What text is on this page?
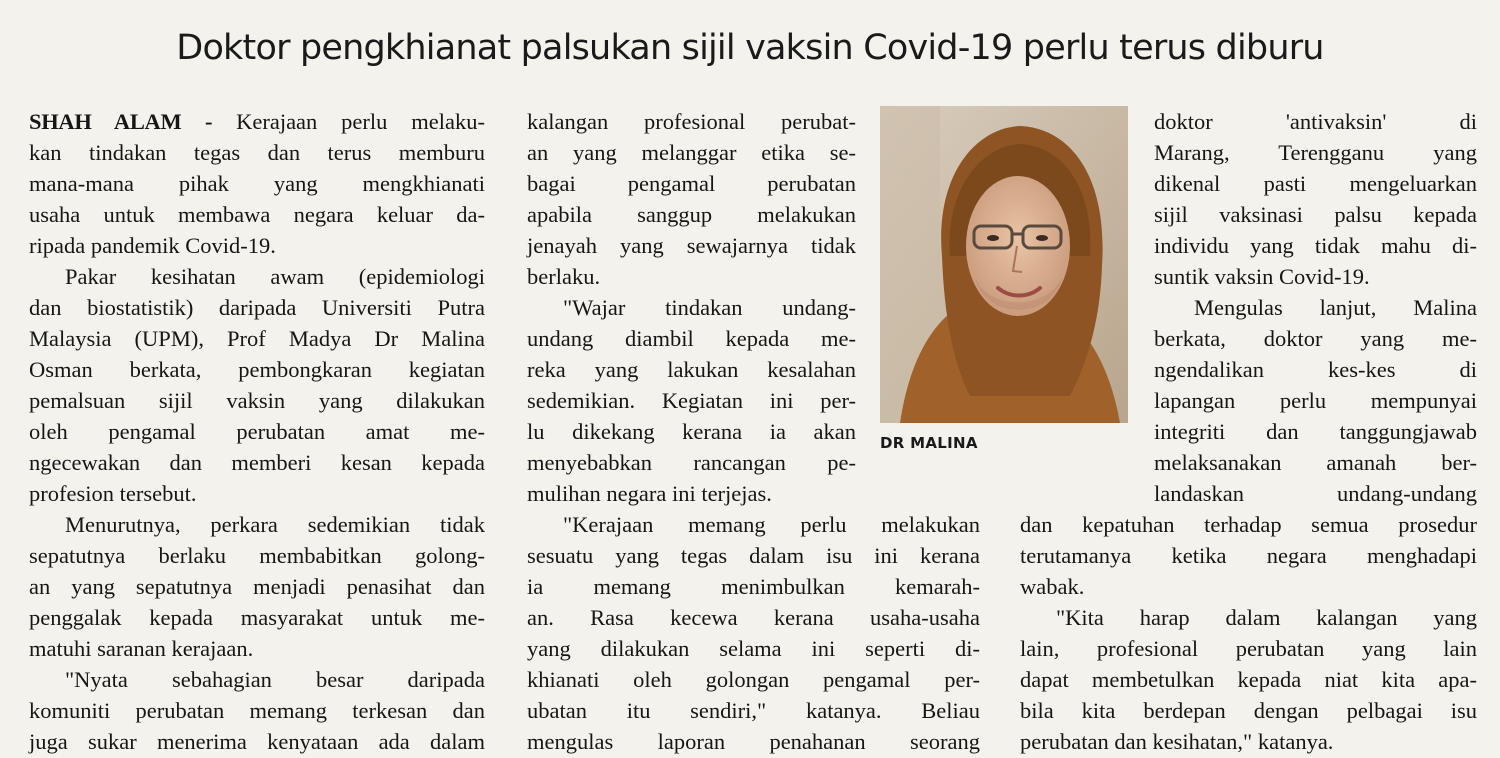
Doktor pengkhianat palsukan sijil vaksin Covid-19 perlu terus diburu
SHAH ALAM - Kerajaan perlu melaku-
kan tindakan tegas dan terus memburu
mana-mana pihak yang mengkhianati
usaha untuk membawa negara keluar da-
ripada pandemik Covid-19.
Pakar kesihatan awam (epidemiologi
dan biostatistik) daripada Universiti Putra
Malaysia (UPM), Prof Madya Dr Malina
Osman berkata, pembongkaran kegiatan
pemalsuan sijil vaksin yang dilakukan
oleh pengamal perubatan amat me-
ngecewakan dan memberi kesan kepada
profesion tersebut.
Menurutnya, perkara sedemikian tidak
sepatutnya berlaku membabitkan golong-
an yang sepatutnya menjadi penasihat dan
penggalak kepada masyarakat untuk me-
matuhi saranan kerajaan.
"Nyata sebahagian besar daripada
komuniti perubatan memang terkesan dan
juga sukar menerima kenyataan ada dalam
kalangan profesional perubat-
an yang melanggar etika se-
bagai pengamal perubatan
apabila sanggup melakukan
jenayah yang sewajarnya tidak
berlaku.
"Wajar tindakan undang-
undang diambil kepada me-
reka yang lakukan kesalahan
sedemikian. Kegiatan ini per-
lu dikekang kerana ia akan
menyebabkan rancangan pe-
mulihan negara ini terjejas.
"Kerajaan memang perlu melakukan
sesuatu yang tegas dalam isu ini kerana
ia memang menimbulkan kemarah-
an. Rasa kecewa kerana usaha-usaha
yang dilakukan selama ini seperti di-
khianati oleh golongan pengamal per-
ubatan itu sendiri," katanya. Beliau
mengulas laporan penahanan seorang
DR MALINA
doktor 'antivaksin' di
Marang, Terengganu yang
dikenal pasti mengeluarkan
sijil vaksinasi palsu kepada
individu yang tidak mahu di-
suntik vaksin Covid-19.
Mengulas lanjut, Malina
berkata, doktor yang me-
ngendalikan kes-kes di
lapangan perlu mempunyai
integriti dan tanggungjawab
melaksanakan amanah ber-
landaskan undang-undang
dan kepatuhan terhadap semua prosedur
terutamanya ketika negara menghadapi
wabak.
"Kita harap dalam kalangan yang
lain, profesional perubatan yang lain
dapat membetulkan kepada niat kita apa-
bila kita berdepan dengan pelbagai isu
perubatan dan kesihatan," katanya.
